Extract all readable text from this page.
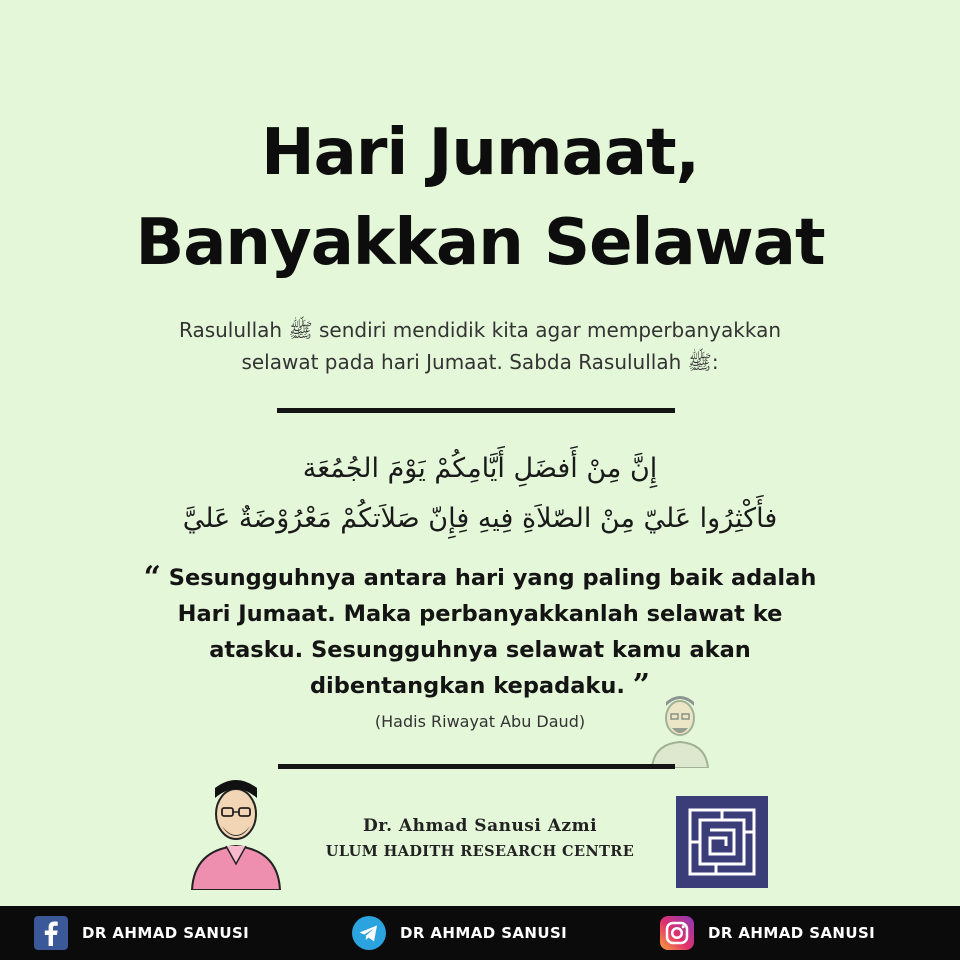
Hari Jumaat,
Banyakkan Selawat
Rasulullah ﷺ sendiri mendidik kita agar memperbanyakkan
selawat pada hari Jumaat. Sabda Rasulullah ﷺ:
إِنَّ مِنْ أَفضَلِ أَيَّامِكُمْ يَوْمَ الجُمُعَة
فأَكْثِرُوا عَليّ مِنْ الصّلاَةِ فِيهِ فِإِنّ صَلاَتكُمْ مَعْرُوْضَةٌ عَليَّ
“ Sesungguhnya antara hari yang paling baik adalah
Hari Jumaat. Maka perbanyakkanlah selawat ke
atasku. Sesungguhnya selawat kamu akan
dibentangkan kepadaku. ”
(Hadis Riwayat Abu Daud)
Dr. Ahmad Sanusi Azmi
ULUM HADITH RESEARCH CENTRE
DR AHMAD SANUSI	DR AHMAD SANUSI	DR AHMAD SANUSI
